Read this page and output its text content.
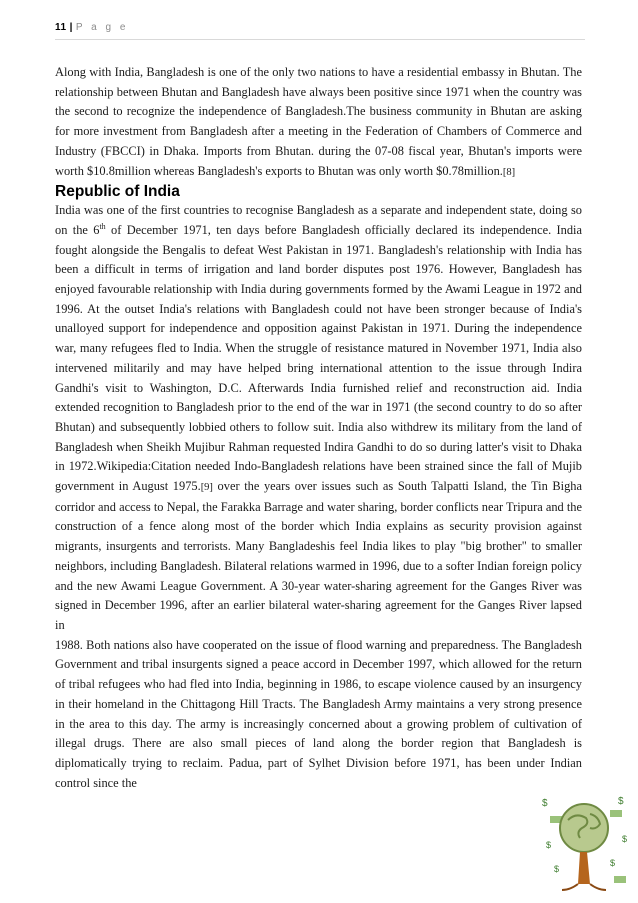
11 | P a g e

Along with India, Bangladesh is one of the only two nations to have a residential embassy in Bhutan. The relationship between Bhutan and Bangladesh have always been positive since 1971 when the country was the second to recognize the independence of Bangladesh.The business community in Bhutan are asking for more investment from Bangladesh after a meeting in the Federation of Chambers of Commerce and Industry (FBCCI) in Dhaka. Imports from Bhutan. during the 07-08 fiscal year, Bhutan's imports were worth $10.8million whereas Bangladesh's exports to Bhutan was only worth $0.78million.[8]

Republic of India

India was one of the first countries to recognise Bangladesh as a separate and independent state, doing so on the 6th of December 1971, ten days before Bangladesh officially declared its independence. India fought alongside the Bengalis to defeat West Pakistan in 1971. Bangladesh's relationship with India has been a difficult in terms of irrigation and land border disputes post 1976. However, Bangladesh has enjoyed favourable relationship with India during governments formed by the Awami League in 1972 and 1996. At the outset India's relations with Bangladesh could not have been stronger because of India's unalloyed support for independence and opposition against Pakistan in 1971. During the independence war, many refugees fled to India. When the struggle of resistance matured in November 1971, India also intervened militarily and may have helped bring international attention to the issue through Indira Gandhi's visit to Washington, D.C. Afterwards India furnished relief and reconstruction aid. India extended recognition to Bangladesh prior to the end of the war in 1971 (the second country to do so after Bhutan) and subsequently lobbied others to follow suit. India also withdrew its military from the land of Bangladesh when Sheikh Mujibur Rahman requested Indira Gandhi to do so during latter's visit to Dhaka in 1972.Wikipedia:Citation needed Indo-Bangladesh relations have been strained since the fall of Mujib government in August 1975.[9] over the years over issues such as South Talpatti Island, the Tin Bigha corridor and access to Nepal, the Farakka Barrage and water sharing, border conflicts near Tripura and the construction of a fence along most of the border which India explains as security provision against migrants, insurgents and terrorists. Many Bangladeshis feel India likes to play "big brother" to smaller neighbors, including Bangladesh. Bilateral relations warmed in 1996, due to a softer Indian foreign policy and the new Awami League Government. A 30-year water-sharing agreement for the Ganges River was signed in December 1996, after an earlier bilateral water-sharing agreement for the Ganges River lapsed in

1988. Both nations also have cooperated on the issue of flood warning and preparedness. The Bangladesh Government and tribal insurgents signed a peace accord in December 1997, which allowed for the return of tribal refugees who had fled into India, beginning in 1986, to escape violence caused by an insurgency in their homeland in the Chittagong Hill Tracts. The Bangladesh Army maintains a very strong presence in the area to this day. The army is increasingly concerned about a growing problem of cultivation of illegal drugs. There are also small pieces of land along the border region that Bangladesh is diplomatically trying to reclaim. Padua, part of Sylhet Division before 1971, has been under Indian control since the

$	$
$
$
$
$
